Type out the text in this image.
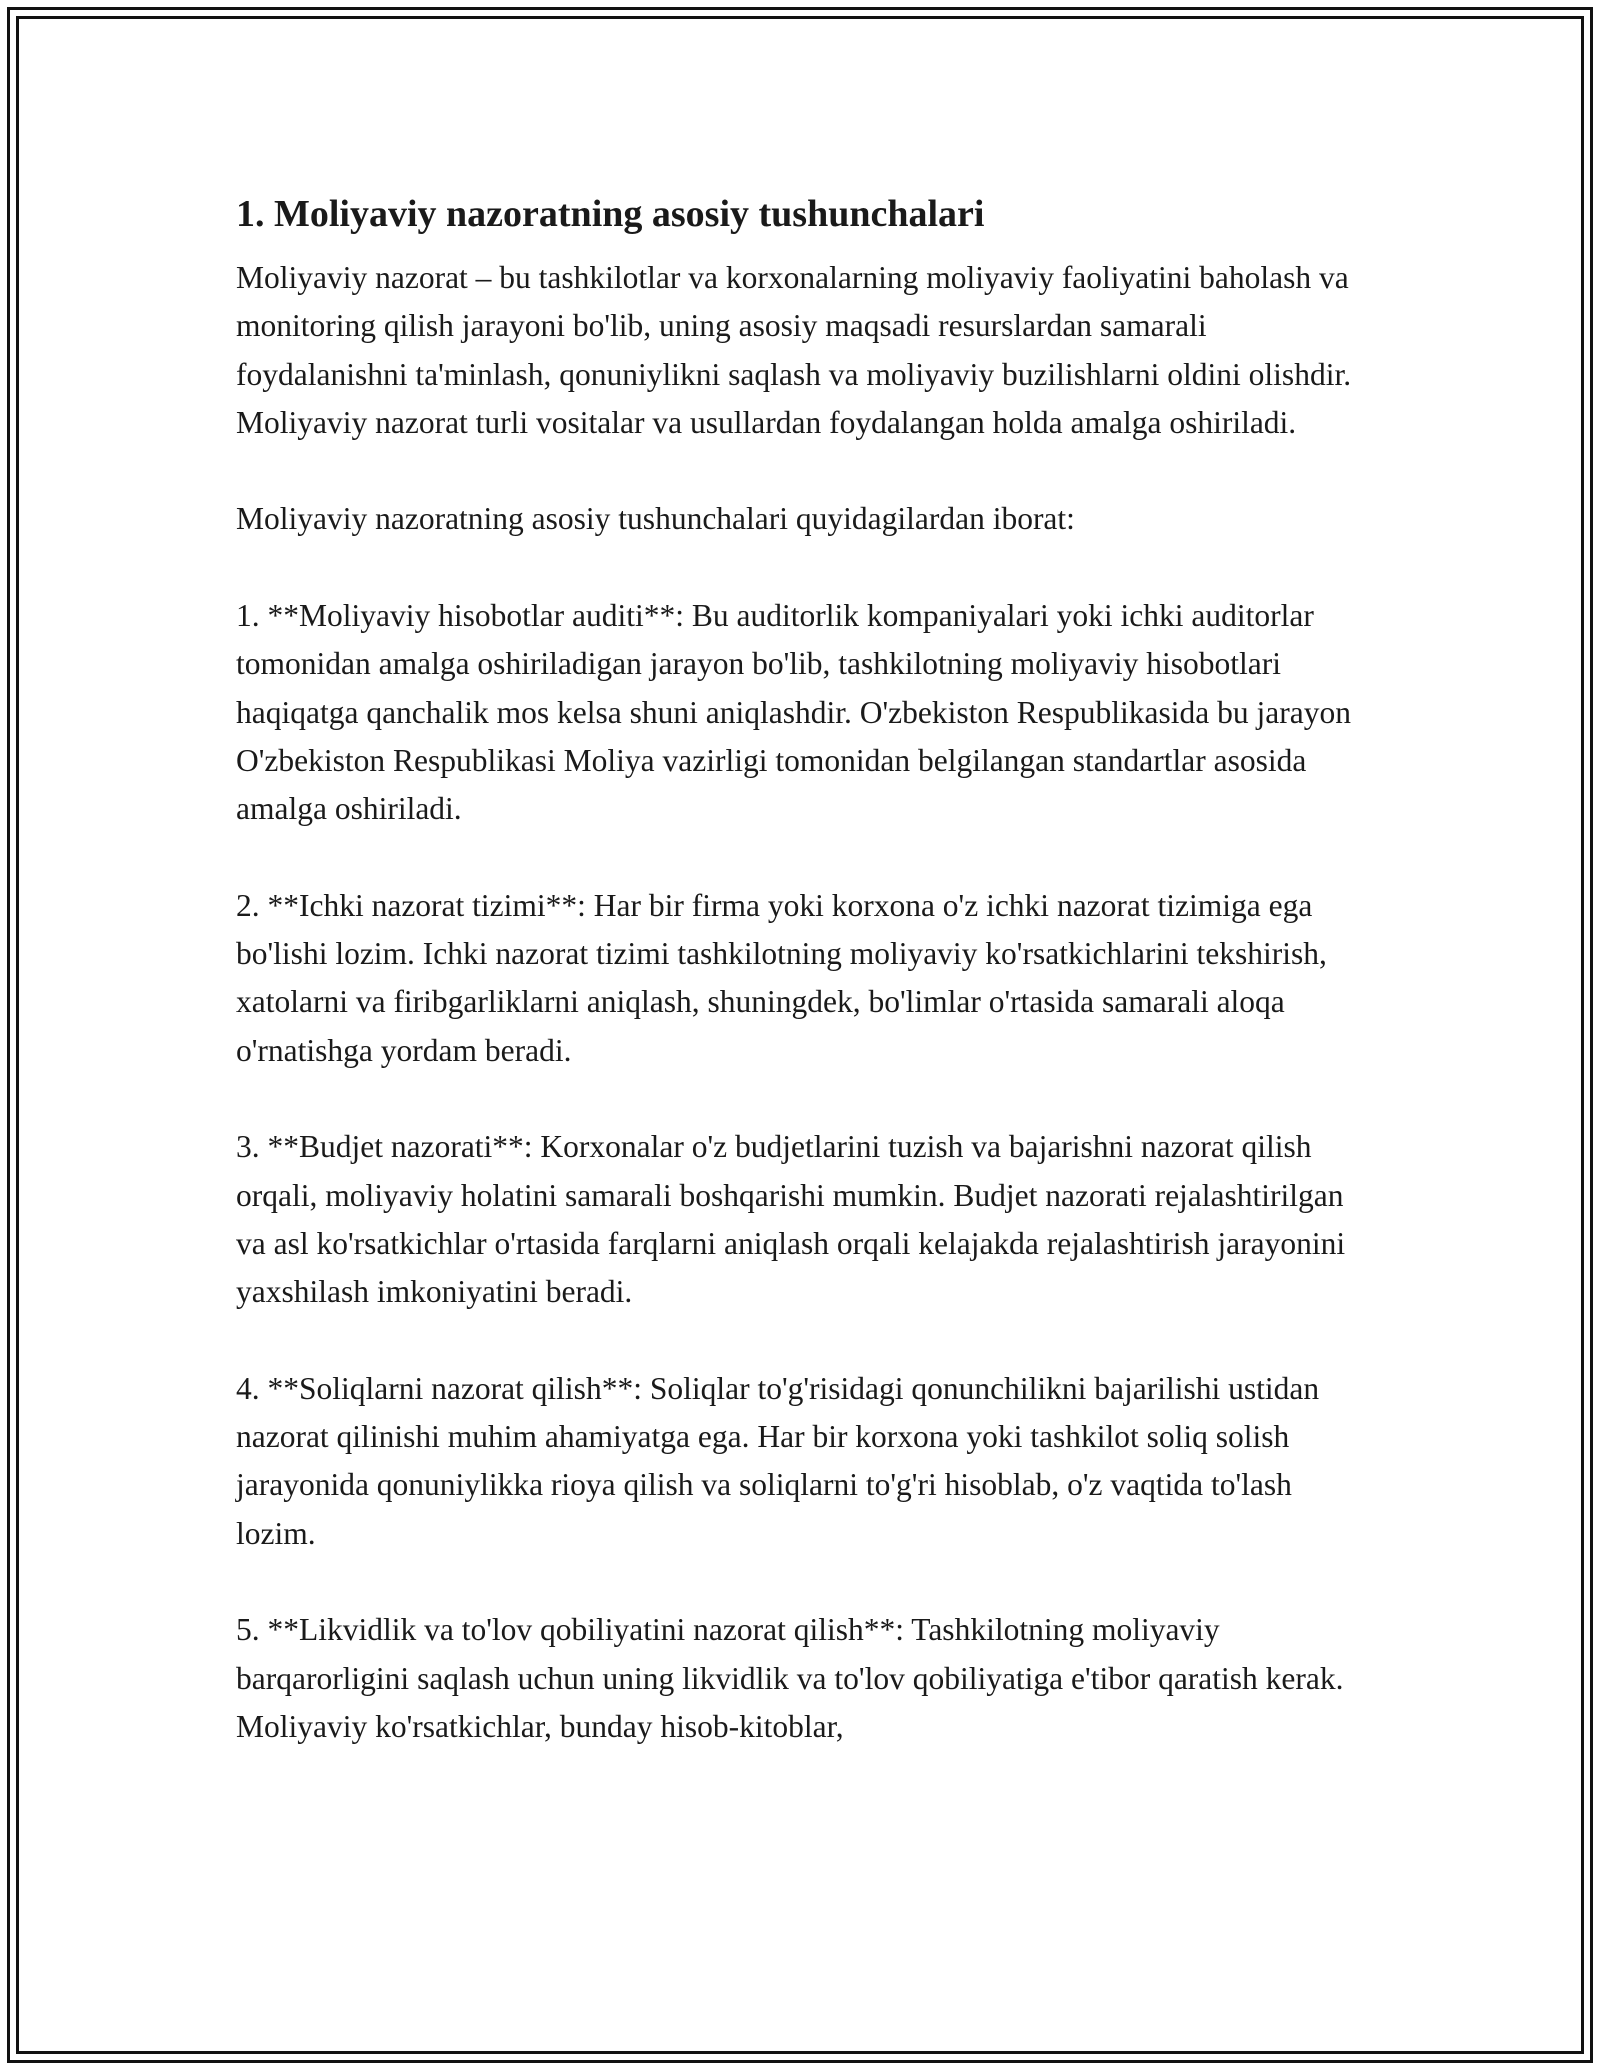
1. Moliyaviy nazoratning asosiy tushunchalari

Moliyaviy nazorat – bu tashkilotlar va korxonalarning moliyaviy faoliyatini baholash va monitoring qilish jarayoni bo'lib, uning asosiy maqsadi resurslardan samarali foydalanishni ta'minlash, qonuniylikni saqlash va moliyaviy buzilishlarni oldini olishdir. Moliyaviy nazorat turli vositalar va usullardan foydalangan holda amalga oshiriladi.

Moliyaviy nazoratning asosiy tushunchalari quyidagilardan iborat:

1. **Moliyaviy hisobotlar auditi**: Bu auditorlik kompaniyalari yoki ichki auditorlar tomonidan amalga oshiriladigan jarayon bo'lib, tashkilotning moliyaviy hisobotlari haqiqatga qanchalik mos kelsa shuni aniqlashdir. O'zbekiston Respublikasida bu jarayon O'zbekiston Respublikasi Moliya vazirligi tomonidan belgilangan standartlar asosida amalga oshiriladi.

2. **Ichki nazorat tizimi**: Har bir firma yoki korxona o'z ichki nazorat tizimiga ega bo'lishi lozim. Ichki nazorat tizimi tashkilotning moliyaviy ko'rsatkichlarini tekshirish, xatolarni va firibgarliklarni aniqlash, shuningdek, bo'limlar o'rtasida samarali aloqa o'rnatishga yordam beradi.

3. **Budjet nazorati**: Korxonalar o'z budjetlarini tuzish va bajarishni nazorat qilish orqali, moliyaviy holatini samarali boshqarishi mumkin. Budjet nazorati rejalashtirilgan va asl ko'rsatkichlar o'rtasida farqlarni aniqlash orqali kelajakda rejalashtirish jarayonini yaxshilash imkoniyatini beradi.

4. **Soliqlarni nazorat qilish**: Soliqlar to'g'risidagi qonunchilikni bajarilishi ustidan nazorat qilinishi muhim ahamiyatga ega. Har bir korxona yoki tashkilot soliq solish jarayonida qonuniylikka rioya qilish va soliqlarni to'g'ri hisoblab, o'z vaqtida to'lash lozim.

5. **Likvidlik va to'lov qobiliyatini nazorat qilish**: Tashkilotning moliyaviy barqarorligini saqlash uchun uning likvidlik va to'lov qobiliyatiga e'tibor qaratish kerak. Moliyaviy ko'rsatkichlar, bunday hisob-kitoblar,
